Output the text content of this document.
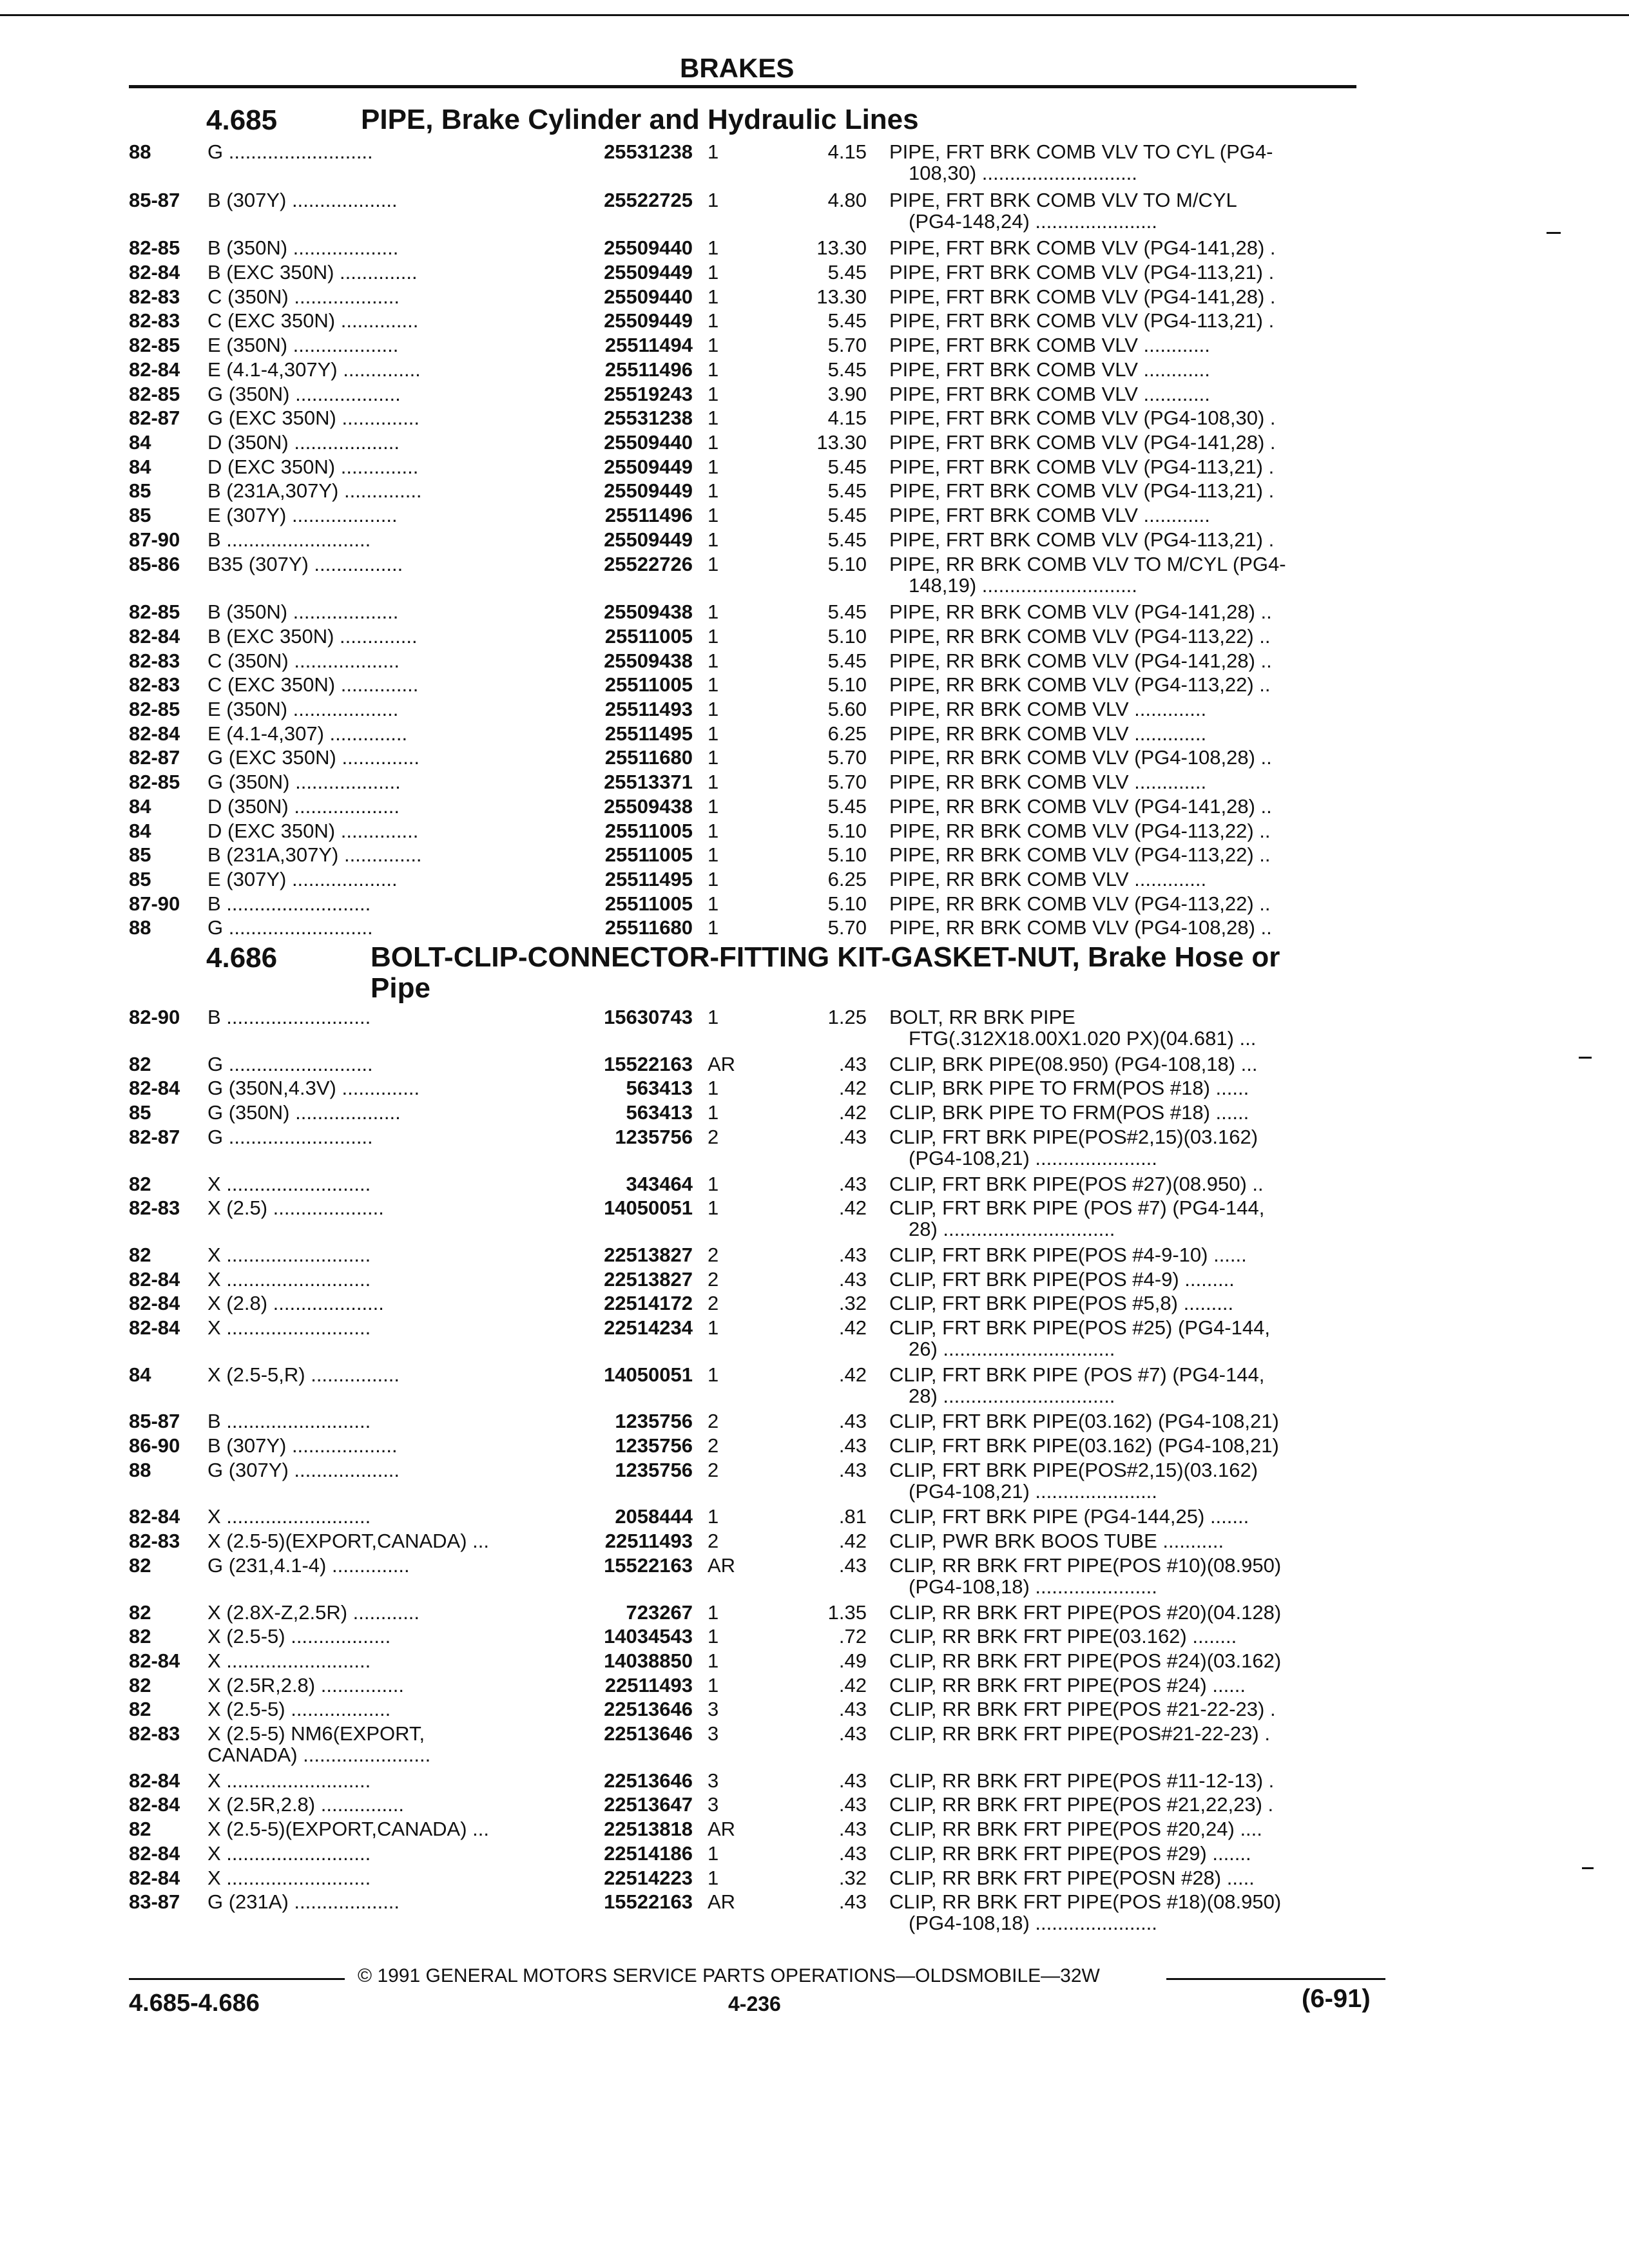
BRAKES
4.685	PIPE, Brake Cylinder and Hydraulic Lines
88	G ..........................	25531238 1	4.15 PIPE, FRT BRK COMB VLV TO CYL (PG4-
108,30) ............................
85-87	B (307Y) ...................	25522725 1	4.80 PIPE, FRT BRK COMB VLV TO M/CYL
(PG4-148,24) ......................
82-85	B (350N) ...................	25509440 1	13.30 PIPE, FRT BRK COMB VLV (PG4-141,28) .
82-84	B (EXC 350N) ..............	25509449 1	5.45 PIPE, FRT BRK COMB VLV (PG4-113,21) .
82-83	C (350N) ...................	25509440 1	13.30 PIPE, FRT BRK COMB VLV (PG4-141,28) .
82-83	C (EXC 350N) ..............	25509449 1	5.45 PIPE, FRT BRK COMB VLV (PG4-113,21) .
82-85	E (350N) ...................	25511494 1	5.70 PIPE, FRT BRK COMB VLV ............
82-84	E (4.1-4,307Y) ..............	25511496 1	5.45 PIPE, FRT BRK COMB VLV ............
82-85	G (350N) ...................	25519243 1	3.90 PIPE, FRT BRK COMB VLV ............
82-87	G (EXC 350N) ..............	25531238 1	4.15 PIPE, FRT BRK COMB VLV (PG4-108,30) .
84	D (350N) ...................	25509440 1	13.30 PIPE, FRT BRK COMB VLV (PG4-141,28) .
84	D (EXC 350N) ..............	25509449 1	5.45 PIPE, FRT BRK COMB VLV (PG4-113,21) .
85	B (231A,307Y) ..............	25509449 1	5.45 PIPE, FRT BRK COMB VLV (PG4-113,21) .
85	E (307Y) ...................	25511496 1	5.45 PIPE, FRT BRK COMB VLV ............
87-90	B ..........................	25509449 1	5.45 PIPE, FRT BRK COMB VLV (PG4-113,21) .
85-86	B35 (307Y) ................	25522726 1	5.10 PIPE, RR BRK COMB VLV TO M/CYL (PG4-
148,19) ............................
82-85	B (350N) ...................	25509438 1	5.45 PIPE, RR BRK COMB VLV (PG4-141,28) ..
82-84	B (EXC 350N) ..............	25511005 1	5.10 PIPE, RR BRK COMB VLV (PG4-113,22) ..
82-83	C (350N) ...................	25509438 1	5.45 PIPE, RR BRK COMB VLV (PG4-141,28) ..
82-83	C (EXC 350N) ..............	25511005 1	5.10 PIPE, RR BRK COMB VLV (PG4-113,22) ..
82-85	E (350N) ...................	25511493 1	5.60 PIPE, RR BRK COMB VLV .............
82-84	E (4.1-4,307) ..............	25511495 1	6.25 PIPE, RR BRK COMB VLV .............
82-87	G (EXC 350N) ..............	25511680 1	5.70 PIPE, RR BRK COMB VLV (PG4-108,28) ..
82-85	G (350N) ...................	25513371 1	5.70 PIPE, RR BRK COMB VLV .............
84	D (350N) ...................	25509438 1	5.45 PIPE, RR BRK COMB VLV (PG4-141,28) ..
84	D (EXC 350N) ..............	25511005 1	5.10 PIPE, RR BRK COMB VLV (PG4-113,22) ..
85	B (231A,307Y) ..............	25511005 1	5.10 PIPE, RR BRK COMB VLV (PG4-113,22) ..
85	E (307Y) ...................	25511495 1	6.25 PIPE, RR BRK COMB VLV .............
87-90	B ..........................	25511005 1	5.10 PIPE, RR BRK COMB VLV (PG4-113,22) ..
88	G ..........................	25511680 1	5.70 PIPE, RR BRK COMB VLV (PG4-108,28) ..
4.686	BOLT-CLIP-CONNECTOR-FITTING KIT-GASKET-NUT, Brake Hose or
Pipe
82-90	B ..........................	15630743 1	1.25 BOLT, RR BRK PIPE
FTG(.312X18.00X1.020 PX)(04.681) ...
82	G ..........................	15522163 AR	.43 CLIP, BRK PIPE(08.950) (PG4-108,18) ...
82-84	G (350N,4.3V) ..............	563413 1	.42 CLIP, BRK PIPE TO FRM(POS #18) ......
85	G (350N) ...................	563413 1	.42 CLIP, BRK PIPE TO FRM(POS #18) ......
82-87	G ..........................	1235756 2	.43 CLIP, FRT BRK PIPE(POS#2,15)(03.162)
(PG4-108,21) ......................
82	X ..........................	343464 1	.43 CLIP, FRT BRK PIPE(POS #27)(08.950) ..
82-83	X (2.5) ....................	14050051 1	.42 CLIP, FRT BRK PIPE (POS #7) (PG4-144,
28) ...............................
82	X ..........................	22513827 2	.43 CLIP, FRT BRK PIPE(POS #4-9-10) ......
82-84	X ..........................	22513827 2	.43 CLIP, FRT BRK PIPE(POS #4-9) .........
82-84	X (2.8) ....................	22514172 2	.32 CLIP, FRT BRK PIPE(POS #5,8) .........
82-84	X ..........................	22514234 1	.42 CLIP, FRT BRK PIPE(POS #25) (PG4-144,
26) ...............................
84	X (2.5-5,R) ................	14050051 1	.42 CLIP, FRT BRK PIPE (POS #7) (PG4-144,
28) ...............................
85-87	B ..........................	1235756 2	.43 CLIP, FRT BRK PIPE(03.162) (PG4-108,21)
86-90	B (307Y) ...................	1235756 2	.43 CLIP, FRT BRK PIPE(03.162) (PG4-108,21)
88	G (307Y) ...................	1235756 2	.43 CLIP, FRT BRK PIPE(POS#2,15)(03.162)
(PG4-108,21) ......................
82-84	X ..........................	2058444 1	.81 CLIP, FRT BRK PIPE (PG4-144,25) .......
82-83	X (2.5-5)(EXPORT,CANADA) ...	22511493 2	.42 CLIP, PWR BRK BOOS TUBE ...........
82	G (231,4.1-4) ..............	15522163 AR	.43 CLIP, RR BRK FRT PIPE(POS #10)(08.950)
(PG4-108,18) ......................
82	X (2.8X-Z,2.5R) ............	723267 1	1.35 CLIP, RR BRK FRT PIPE(POS #20)(04.128)
82	X (2.5-5) ..................	14034543 1	.72 CLIP, RR BRK FRT PIPE(03.162) ........
82-84	X ..........................	14038850 1	.49 CLIP, RR BRK FRT PIPE(POS #24)(03.162)
82	X (2.5R,2.8) ...............	22511493 1	.42 CLIP, RR BRK FRT PIPE(POS #24) ......
82	X (2.5-5) ..................	22513646 3	.43 CLIP, RR BRK FRT PIPE(POS #21-22-23) .
82-83	X (2.5-5) NM6(EXPORT,	22513646 3	.43 CLIP, RR BRK FRT PIPE(POS#21-22-23) .
CANADA) .......................
82-84	X ..........................	22513646 3	.43 CLIP, RR BRK FRT PIPE(POS #11-12-13) .
82-84	X (2.5R,2.8) ...............	22513647 3	.43 CLIP, RR BRK FRT PIPE(POS #21,22,23) .
82	X (2.5-5)(EXPORT,CANADA) ...	22513818 AR	.43 CLIP, RR BRK FRT PIPE(POS #20,24) ....
82-84	X ..........................	22514186 1	.43 CLIP, RR BRK FRT PIPE(POS #29) .......
82-84	X ..........................	22514223 1	.32 CLIP, RR BRK FRT PIPE(POSN #28) .....
83-87	G (231A) ...................	15522163 AR	.43 CLIP, RR BRK FRT PIPE(POS #18)(08.950)
(PG4-108,18) ......................
© 1991 GENERAL MOTORS SERVICE PARTS OPERATIONS—OLDSMOBILE—32W
4.685-4.686	4-236	(6-91)
